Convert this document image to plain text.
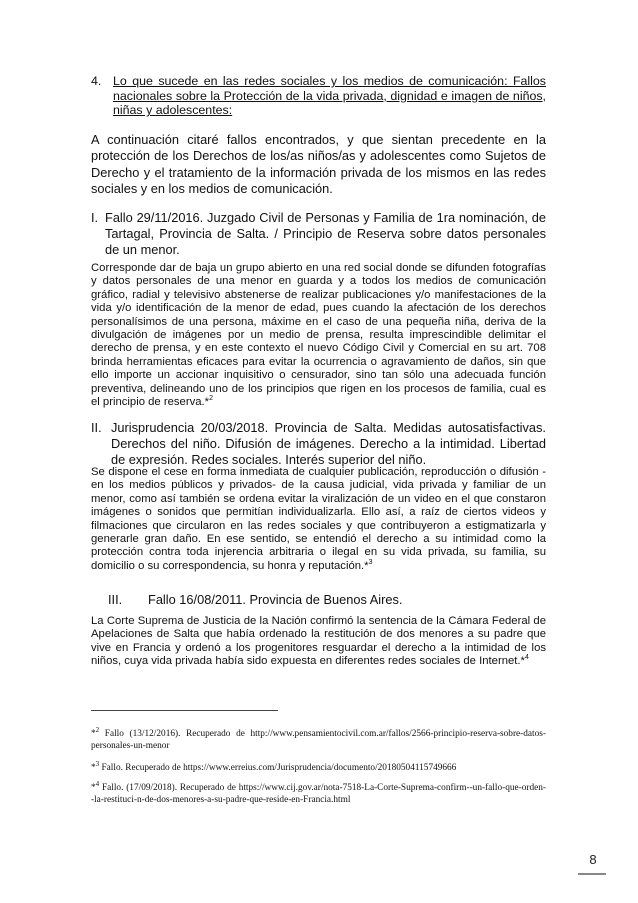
4. Lo que sucede en las redes sociales y los medios de comunicación: Fallos nacionales sobre la Protección de la vida privada, dignidad e imagen de niños, niñas y adolescentes:

A continuación citaré fallos encontrados, y que sientan precedente en la protección de los Derechos de los/as niños/as y adolescentes como Sujetos de Derecho y el tratamiento de la información privada de los mismos en las redes sociales y en los medios de comunicación.

I. Fallo 29/11/2016. Juzgado Civil de Personas y Familia de 1ra nominación, de Tartagal, Provincia de Salta. / Principio de Reserva sobre datos personales de un menor.

Corresponde dar de baja un grupo abierto en una red social donde se difunden fotografías y datos personales de una menor en guarda y a todos los medios de comunicación gráfico, radial y televisivo abstenerse de realizar publicaciones y/o manifestaciones de la vida y/o identificación de la menor de edad, pues cuando la afectación de los derechos personalísimos de una persona, máxime en el caso de una pequeña niña, deriva de la divulgación de imágenes por un medio de prensa, resulta imprescindible delimitar el derecho de prensa, y en este contexto el nuevo Código Civil y Comercial en su art. 708 brinda herramientas eficaces para evitar la ocurrencia o agravamiento de daños, sin que ello importe un accionar inquisitivo o censurador, sino tan sólo una adecuada función preventiva, delineando uno de los principios que rigen en los procesos de familia, cual es el principio de reserva.*$^2$

II. Jurisprudencia 20/03/2018. Provincia de Salta. Medidas autosatisfactivas. Derechos del niño. Difusión de imágenes. Derecho a la intimidad. Libertad de expresión. Redes sociales. Interés superior del niño.

Se dispone el cese en forma inmediata de cualquier publicación, reproducción o difusión -en los medios públicos y privados- de la causa judicial, vida privada y familiar de un menor, como así también se ordena evitar la viralización de un video en el que constaron imágenes o sonidos que permitían individualizarla. Ello así, a raíz de ciertos videos y filmaciones que circularon en las redes sociales y que contribuyeron a estigmatizarla y generarle gran daño. En ese sentido, se entendió el derecho a su intimidad como la protección contra toda injerencia arbitraria o ilegal en su vida privada, su familia, su domicilio o su correspondencia, su honra y reputación.*$^3$

III.	Fallo 16/08/2011. Provincia de Buenos Aires.

La Corte Suprema de Justicia de la Nación confirmó la sentencia de la Cámara Federal de Apelaciones de Salta que había ordenado la restitución de dos menores a su padre que vive en Francia y ordenó a los progenitores resguardar el derecho a la intimidad de los niños, cuya vida privada había sido expuesta en diferentes redes sociales de Internet.*$^4$

*$^2$ Fallo (13/12/2016). Recuperado de http://www.pensamientocivil.com.ar/fallos/2566-principio-reserva-sobre-datos-personales-un-menor

*$^3$ Fallo. Recuperado de https://www.erreius.com/Jurisprudencia/documento/20180504115749666

*$^4$ Fallo. (17/09/2018). Recuperado de https://www.cij.gov.ar/nota-7518-La-Corte-Suprema-confirm--un-fallo-que-orden--la-restituci-n-de-dos-menores-a-su-padre-que-reside-en-Francia.html

8
